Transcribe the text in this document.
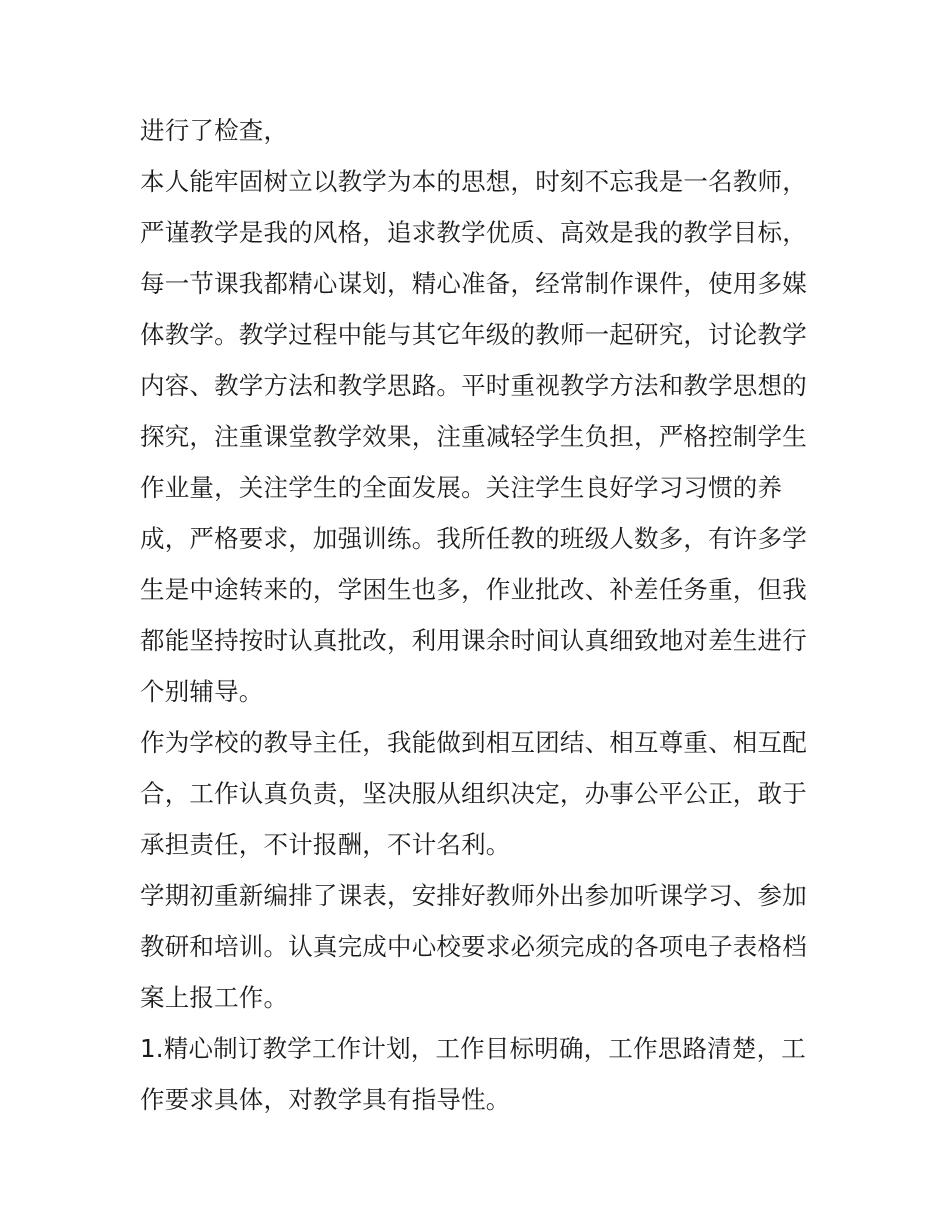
进行了检查，

本人能牢固树立以教学为本的思想，时刻不忘我是一名教师，
严谨教学是我的风格，追求教学优质、高效是我的教学目标，
每一节课我都精心谋划，精心准备，经常制作课件，使用多媒
体教学。教学过程中能与其它年级的教师一起研究，讨论教学
内容、教学方法和教学思路。平时重视教学方法和教学思想的
探究，注重课堂教学效果，注重减轻学生负担，严格控制学生
作业量，关注学生的全面发展。关注学生良好学习习惯的养
成，严格要求，加强训练。我所任教的班级人数多，有许多学
生是中途转来的，学困生也多，作业批改、补差任务重，但我
都能坚持按时认真批改，利用课余时间认真细致地对差生进行
个别辅导。

作为学校的教导主任，我能做到相互团结、相互尊重、相互配
合，工作认真负责，坚决服从组织决定，办事公平公正，敢于
承担责任，不计报酬，不计名利。

学期初重新编排了课表，安排好教师外出参加听课学习、参加
教研和培训。认真完成中心校要求必须完成的各项电子表格档
案上报工作。

1.精心制订教学工作计划，工作目标明确，工作思路清楚，工
作要求具体，对教学具有指导性。
